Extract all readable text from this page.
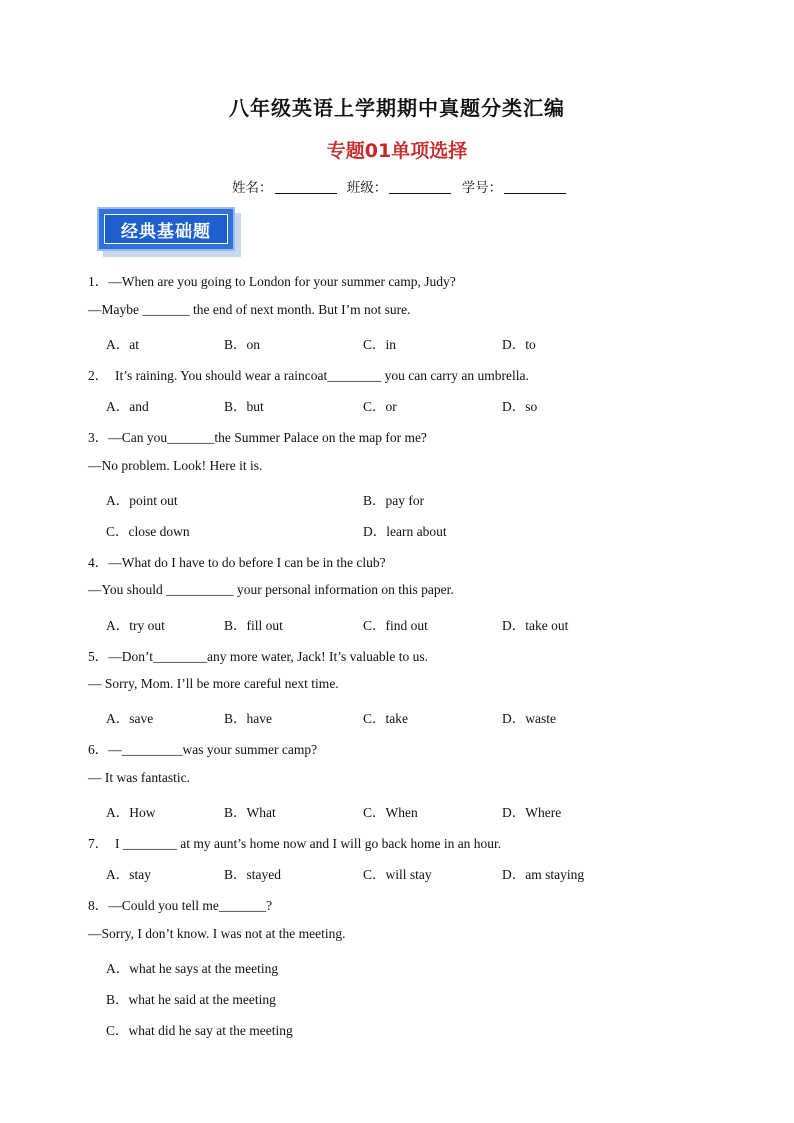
八年级英语上学期期中真题分类汇编
专题01单项选择
姓名：	班级：	学号：
经典基础题
1．—When are you going to London for your summer camp, Judy?
—Maybe _______ the end of next month. But I’m not sure.
A．at	B．on	C．in	D．to
2．  It’s raining. You should wear a raincoat________ you can carry an umbrella.
A．and	B．but	C．or	D．so
3．—Can you_______the Summer Palace on the map for me?
—No problem. Look! Here it is.
A．point out	B．pay for
C．close down	D．learn about
4．—What do I have to do before I can be in the club?
—You should __________ your personal information on this paper.
A．try out	B．fill out	C．find out	D．take out
5．—Don’t________any more water, Jack! It’s valuable to us.
— Sorry, Mom. I’ll be more careful next time.
A．save	B．have	C．take	D．waste
6．—_________was your summer camp?
— It was fantastic.
A．How	B．What	C．When	D．Where
7．  I ________ at my aunt’s home now and I will go back home in an hour.
A．stay	B．stayed	C．will stay	D．am staying
8．—Could you tell me_______?
—Sorry, I don’t know. I was not at the meeting.
A．what he says at the meeting
B．what he said at the meeting
C．what did he say at the meeting
